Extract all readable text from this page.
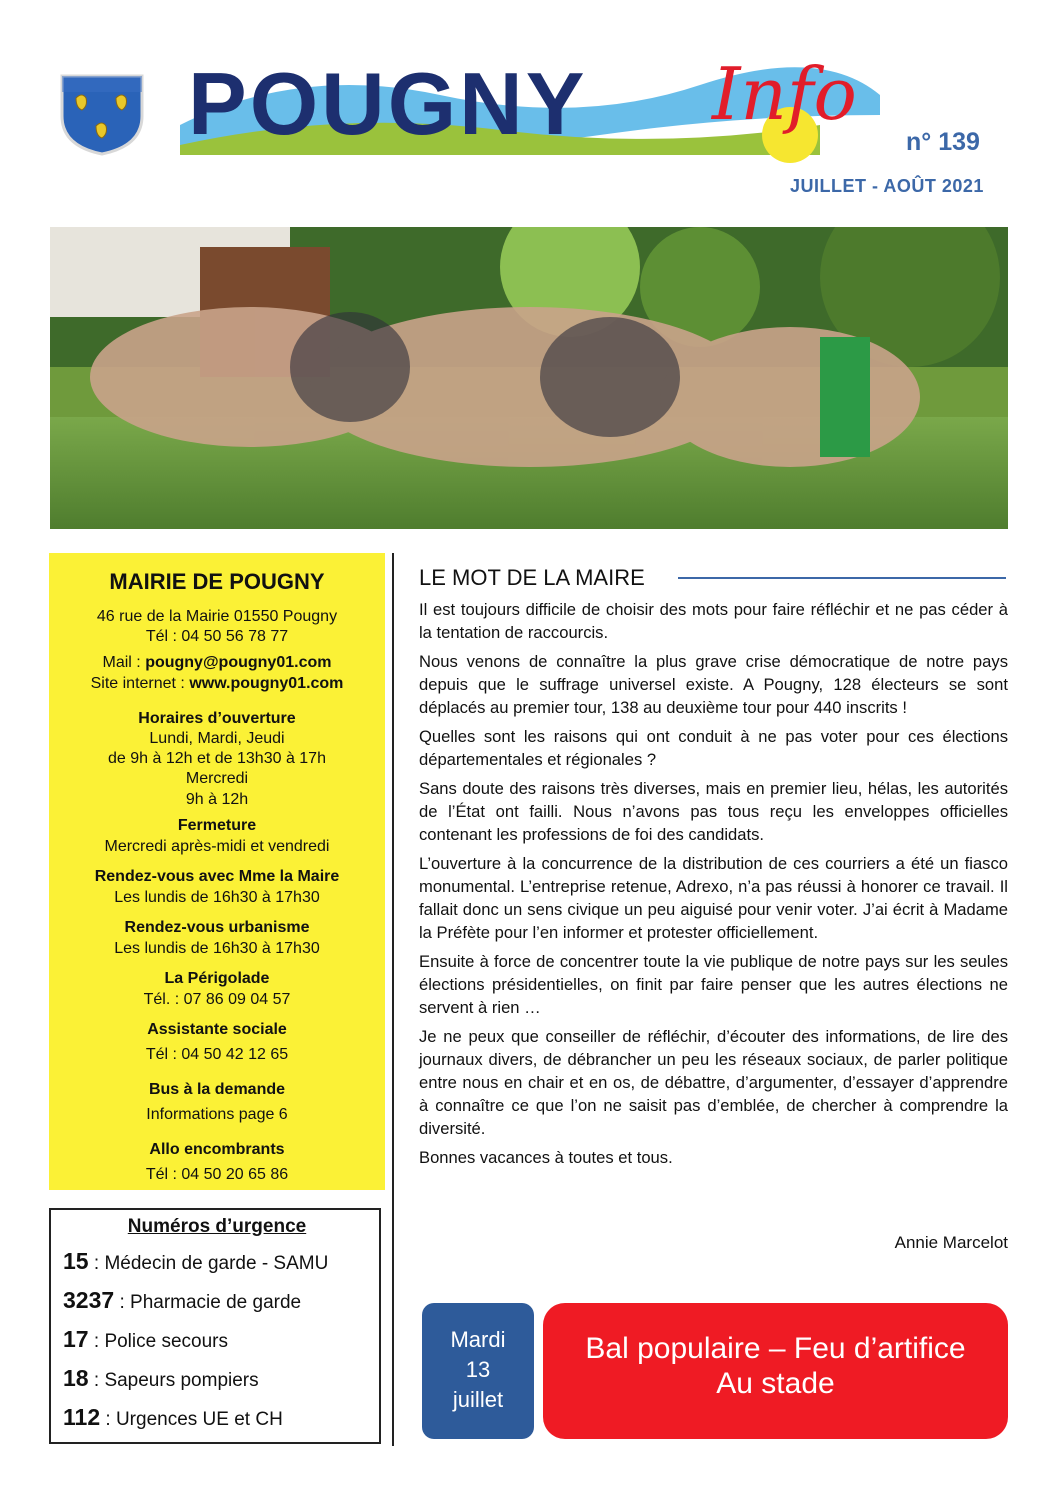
POUGNY Info
n° 139
JUILLET - AOÛT 2021
MAIRIE DE POUGNY
46 rue de la Mairie 01550 Pougny
Tél : 04 50 56 78 77
Mail : pougny@pougny01.com
Site internet : www.pougny01.com
Horaires d’ouverture
Lundi, Mardi, Jeudi
de 9h à 12h et de 13h30 à 17h
Mercredi
9h à 12h
Fermeture
Mercredi après-midi et vendredi
Rendez-vous avec Mme la Maire
Les lundis de 16h30 à 17h30
Rendez-vous urbanisme
Les lundis de 16h30 à 17h30
La Périgolade
Tél. : 07 86 09 04 57
Assistante sociale
Tél : 04 50 42 12 65
Bus à la demande
Informations page 6
Allo encombrants
Tél : 04 50 20 65 86
Numéros d’urgence
15 : Médecin de garde - SAMU
3237 : Pharmacie de garde
17 : Police secours
18 : Sapeurs pompiers
112 : Urgences UE et CH
LE MOT DE LA MAIRE

Il est toujours difficile de choisir des mots pour faire réfléchir et ne pas céder à la tentation de raccourcis.

Nous venons de connaître la plus grave crise démocratique de notre pays depuis que le suffrage universel existe. A Pougny, 128 électeurs se sont déplacés au premier tour, 138 au deuxième tour pour 440 inscrits !

Quelles sont les raisons qui ont conduit à ne pas voter pour ces élections départementales et régionales ?

Sans doute des raisons très diverses, mais en premier lieu, hélas, les autorités de l’État ont failli. Nous n’avons pas tous reçu les enveloppes officielles contenant les professions de foi des candidats.

L’ouverture à la concurrence de la distribution de ces courriers a été un fiasco monumental. L’entreprise retenue, Adrexo, n’a pas réussi à honorer ce travail. Il fallait donc un sens civique un peu aiguisé pour venir voter. J’ai écrit à Madame la Préfète pour l’en informer et protester officiellement.

Ensuite à force de concentrer toute la vie publique de notre pays sur les seules élections présidentielles, on finit par faire penser que les autres élections ne servent à rien …

Je ne peux que conseiller de réfléchir, d’écouter des informations, de lire des journaux divers, de débrancher un peu les réseaux sociaux, de parler politique entre nous en chair et en os, de débattre, d’argumenter, d’essayer d’apprendre à connaître ce que l’on ne saisit pas d’emblée, de chercher à comprendre la diversité.

Bonnes vacances à toutes et tous.

Annie Marcelot
Bal populaire – Feu d’artifice
Au stade
Mardi
13
juillet
